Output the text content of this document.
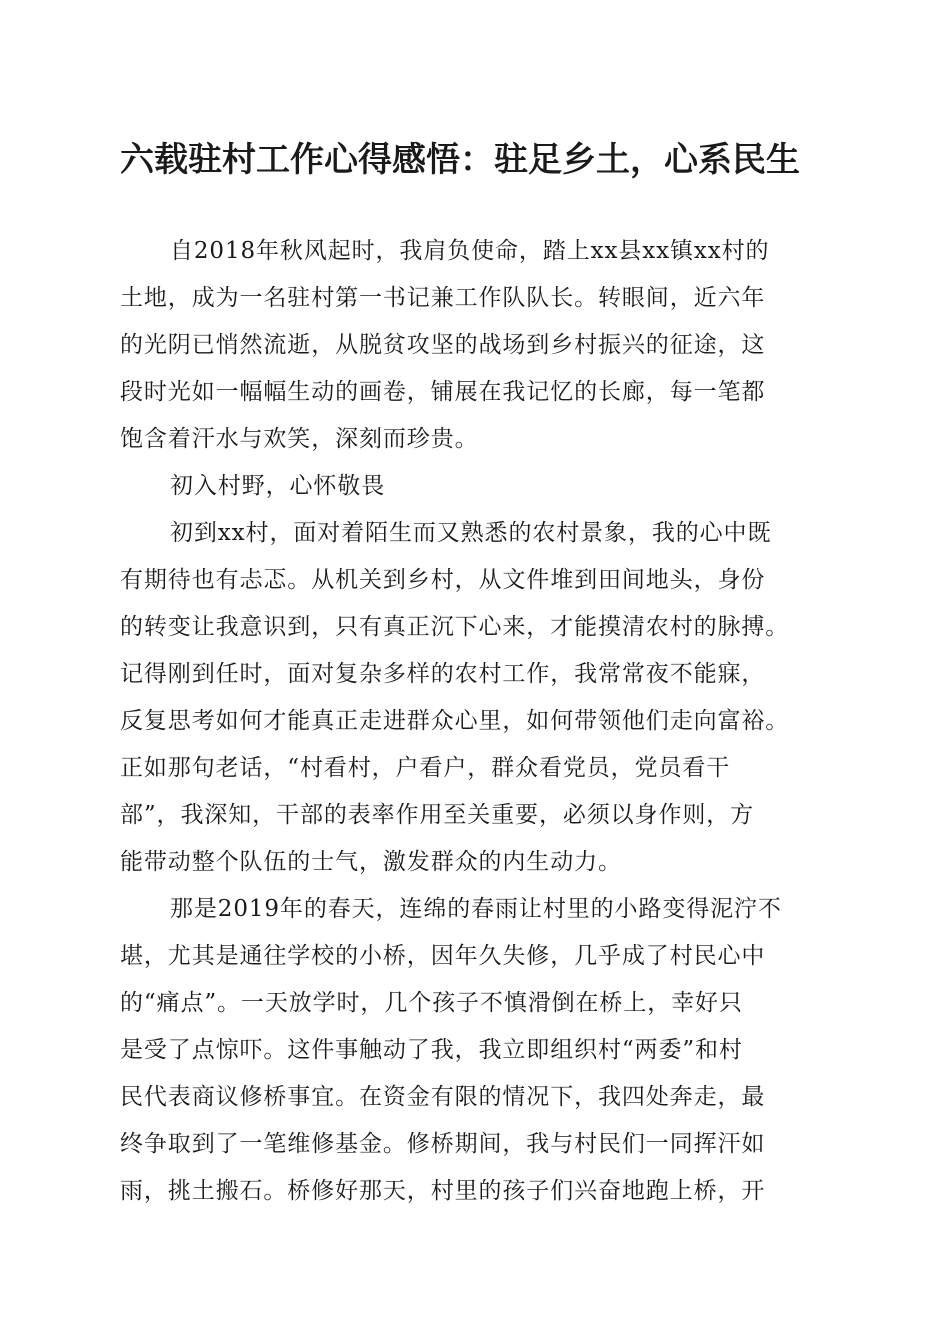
六载驻村工作心得感悟：驻足乡土，心系民生
自2018年秋风起时，我肩负使命，踏上xx县xx镇xx村的
土地，成为一名驻村第一书记兼工作队队长。转眼间，近六年
的光阴已悄然流逝，从脱贫攻坚的战场到乡村振兴的征途，这
段时光如一幅幅生动的画卷，铺展在我记忆的长廊，每一笔都
饱含着汗水与欢笑，深刻而珍贵。
初入村野，心怀敬畏
初到xx村，面对着陌生而又熟悉的农村景象，我的心中既
有期待也有忐忑。从机关到乡村，从文件堆到田间地头，身份
的转变让我意识到，只有真正沉下心来，才能摸清农村的脉搏。
记得刚到任时，面对复杂多样的农村工作，我常常夜不能寐，
反复思考如何才能真正走进群众心里，如何带领他们走向富裕。
正如那句老话，“村看村，户看户，群众看党员，党员看干
部”，我深知，干部的表率作用至关重要，必须以身作则，方
能带动整个队伍的士气，激发群众的内生动力。
那是2019年的春天，连绵的春雨让村里的小路变得泥泞不
堪，尤其是通往学校的小桥，因年久失修，几乎成了村民心中
的“痛点”。一天放学时，几个孩子不慎滑倒在桥上，幸好只
是受了点惊吓。这件事触动了我，我立即组织村“两委”和村
民代表商议修桥事宜。在资金有限的情况下，我四处奔走，最
终争取到了一笔维修基金。修桥期间，我与村民们一同挥汗如
雨，挑土搬石。桥修好那天，村里的孩子们兴奋地跑上桥，开
